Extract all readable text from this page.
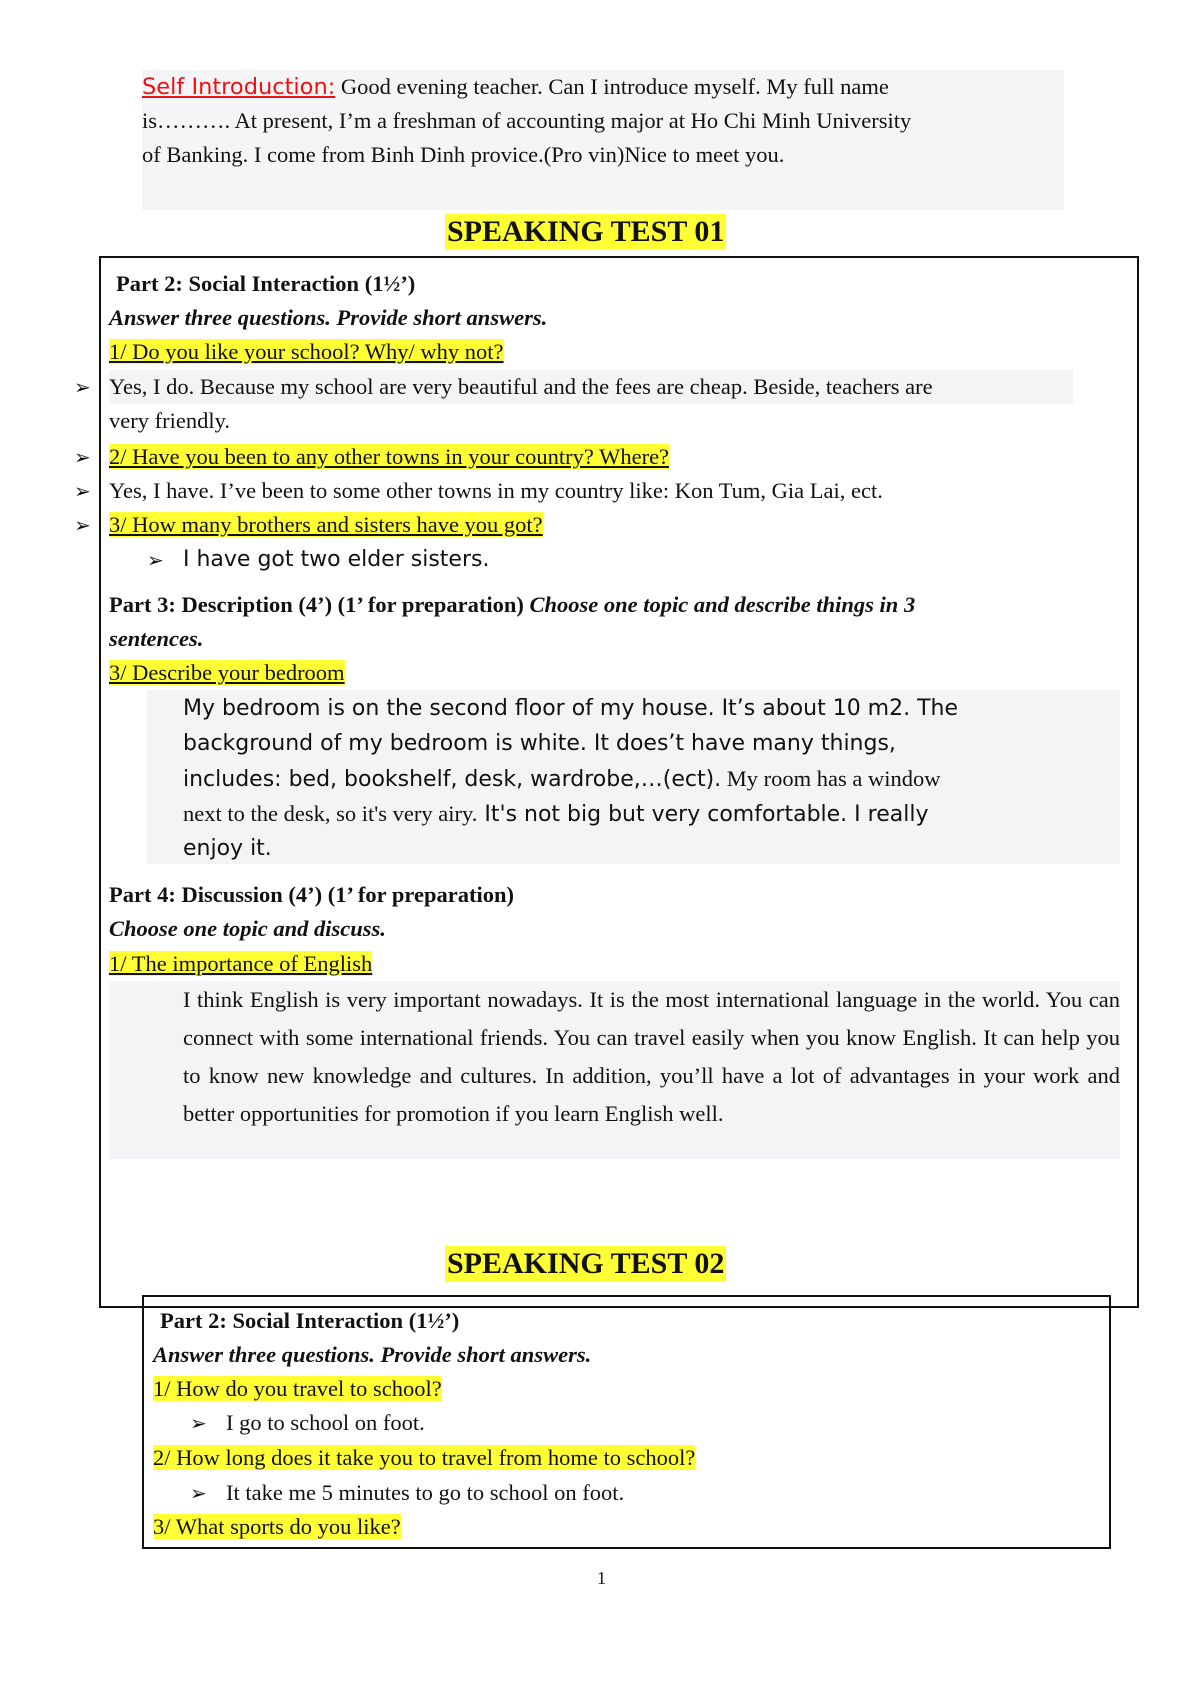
Self Introduction: Good evening teacher. Can I introduce myself. My full name
is………. At present, I’m a freshman of accounting major at Ho Chi Minh University
of Banking. I come from Binh Dinh provice.(Pro vin)Nice to meet you.
SPEAKING TEST 01
Part 2: Social Interaction (1½’)
Answer three questions. Provide short answers.
1/ Do you like your school? Why/ why not?
➢ Yes, I do. Because my school are very beautiful and the fees are cheap. Beside, teachers are
very friendly.
➢ 2/ Have you been to any other towns in your country? Where?
➢ Yes, I have. I’ve been to some other towns in my country like: Kon Tum, Gia Lai, ect.
➢ 3/ How many brothers and sisters have you got?
➢ I have got two elder sisters.
Part 3: Description (4’) (1’ for preparation) Choose one topic and describe things in 3
sentences.
3/ Describe your bedroom
My bedroom is on the second floor of my house. It’s about 10 m2. The
background of my bedroom is white. It does’t have many things,
includes: bed, bookshelf, desk, wardrobe,…(ect). My room has a window
next to the desk, so it's very airy. It's not big but very comfortable. I really
enjoy it.
Part 4: Discussion (4’) (1’ for preparation)
Choose one topic and discuss.
1/ The importance of English
I think English is very important nowadays. It is the most international language in the world. You can connect with some international friends. You can travel easily when you know English. It can help you to know new knowledge and cultures. In addition, you’ll have a lot of advantages in your work and better opportunities for promotion if you learn English well.
SPEAKING TEST 02
Part 2: Social Interaction (1½’)
Answer three questions. Provide short answers.
1/ How do you travel to school?
➢ I go to school on foot.
2/ How long does it take you to travel from home to school?
➢ It take me 5 minutes to go to school on foot.
3/ What sports do you like?
1
